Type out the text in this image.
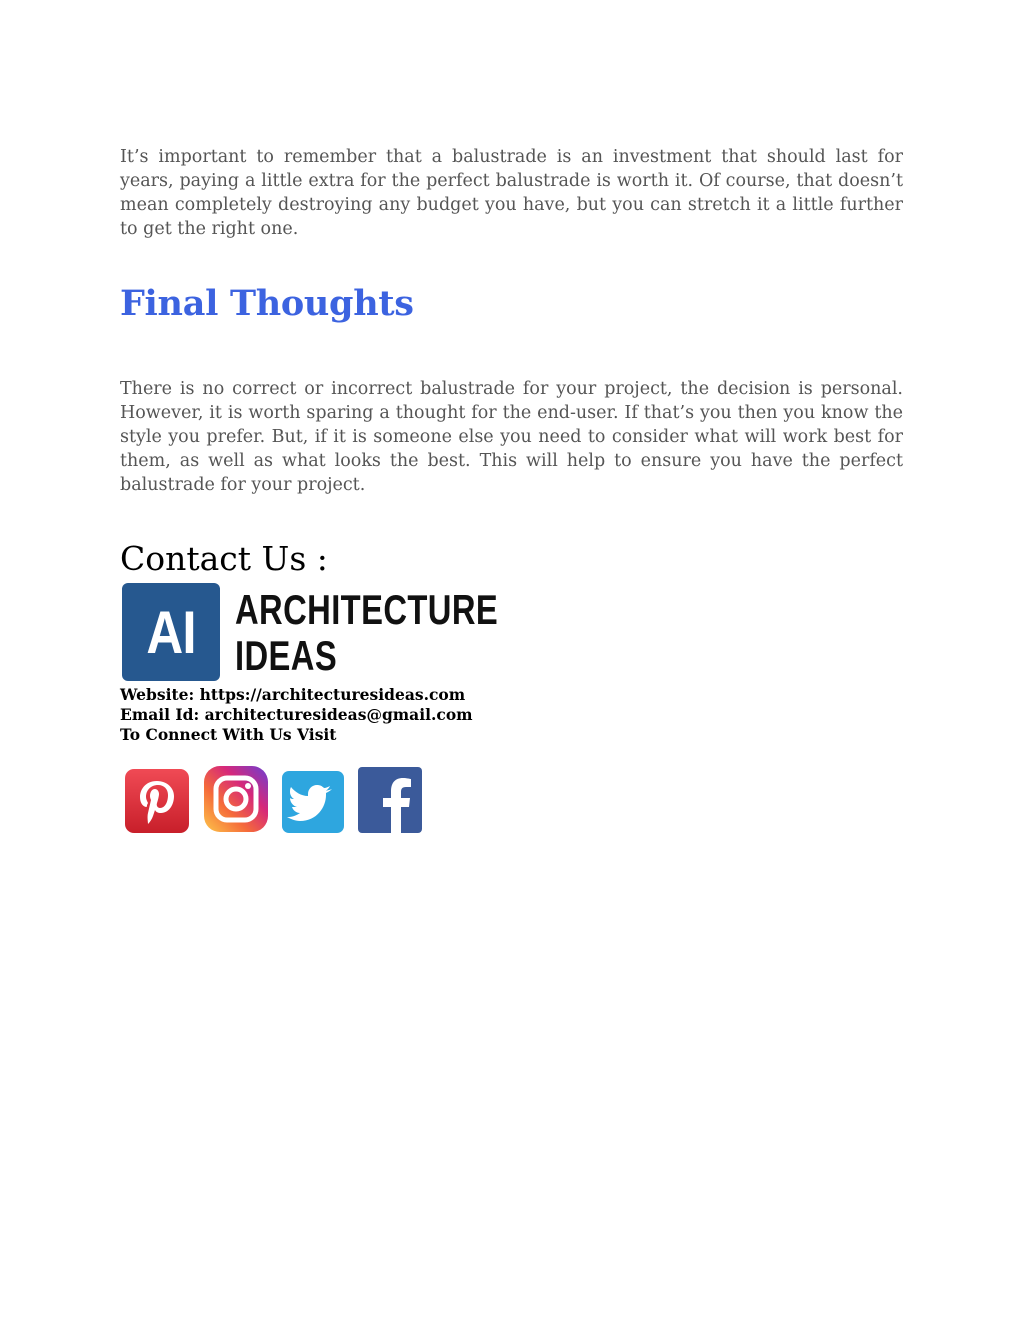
It’s important to remember that a balustrade is an investment that should last for years, paying a little extra for the perfect balustrade is worth it. Of course, that doesn’t mean completely destroying any budget you have, but you can stretch it a little further to get the right one.

Final Thoughts

There is no correct or incorrect balustrade for your project, the decision is personal. However, it is worth sparing a thought for the end-user. If that’s you then you know the style you prefer. But, if it is someone else you need to consider what will work best for them, as well as what looks the best. This will help to ensure you have the perfect balustrade for your project.

Contact Us :
AI ARCHITECTURE
IDEAS

Website: https://architecturesideas.com

Email Id: architecturesideas@gmail.com

To Connect With Us Visit
